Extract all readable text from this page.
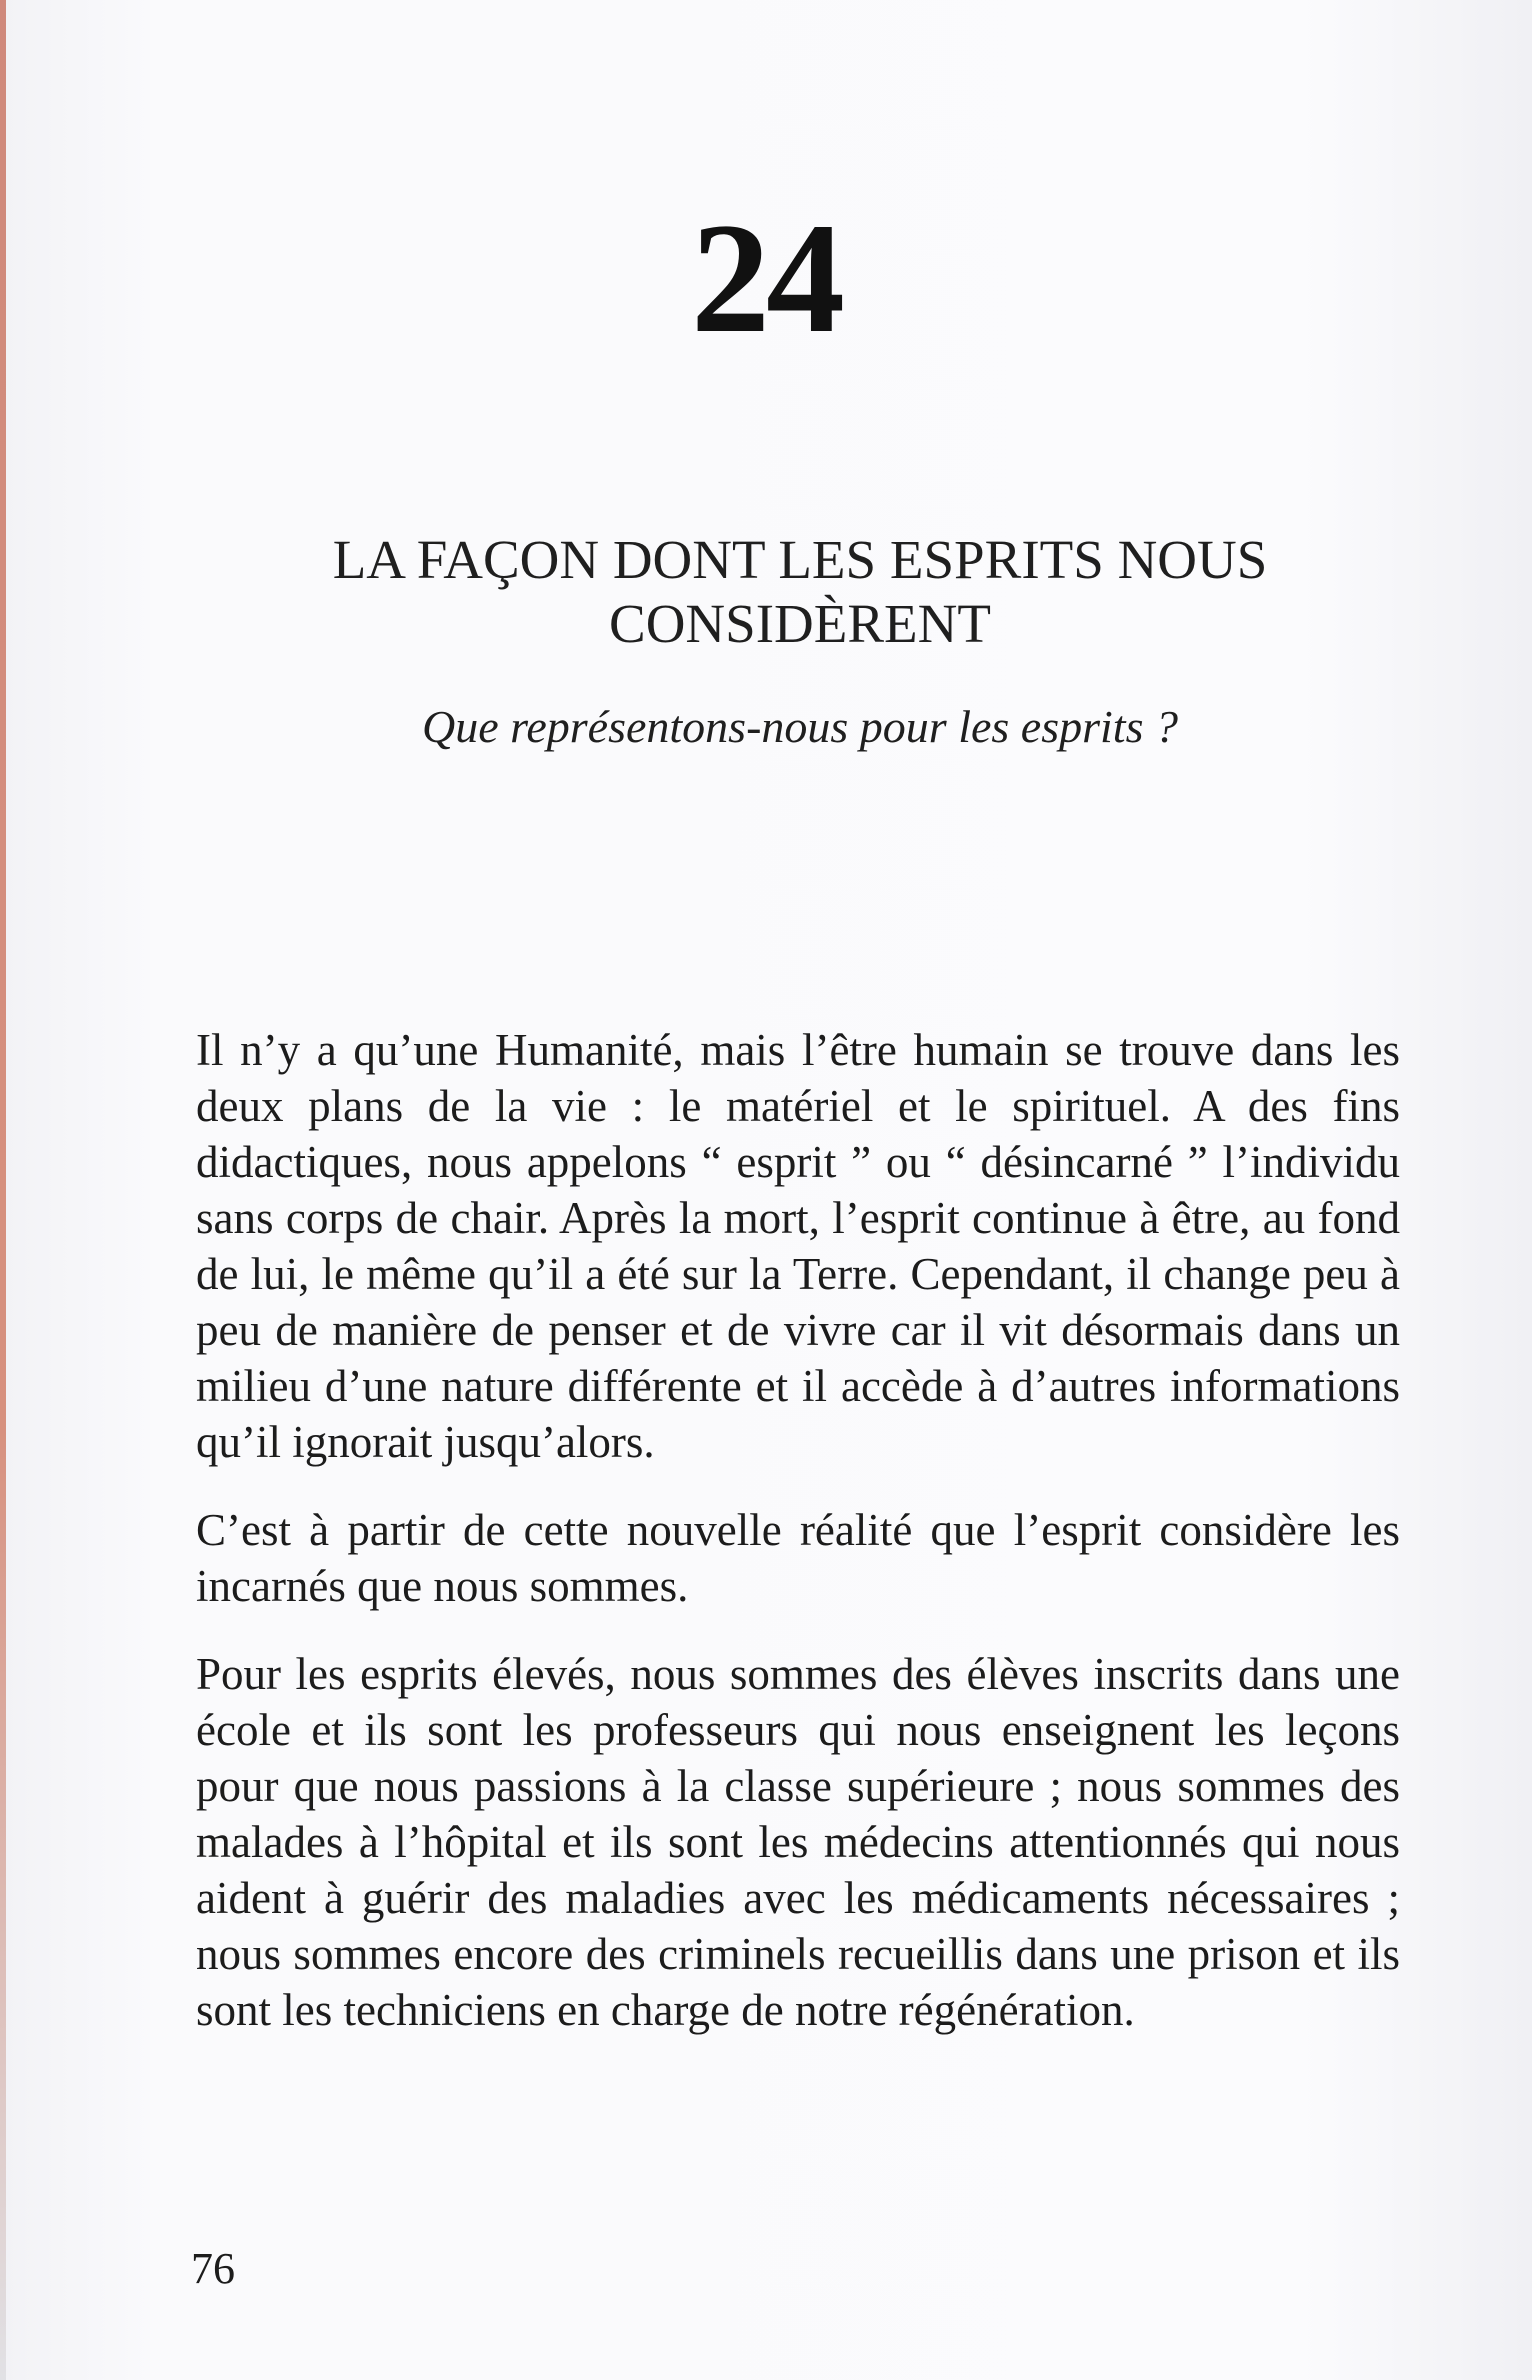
24
LA FAÇON DONT LES ESPRITS NOUS
CONSIDÈRENT
Que représentons-nous pour les esprits ?

Il n’y a qu’une Humanité, mais l’être humain se trouve dans les deux plans de la vie : le matériel et le spirituel. A des fins didactiques, nous appelons “ esprit ” ou “ désincarné ” l’individu sans corps de chair. Après la mort, l’esprit continue à être, au fond de lui, le même qu’il a été sur la Terre. Cependant, il change peu à peu de manière de penser et de vivre car il vit désormais dans un milieu d’une nature différente et il accède à d’autres informations qu’il ignorait jusqu’alors.

C’est à partir de cette nouvelle réalité que l’esprit considère les incarnés que nous sommes.

Pour les esprits élevés, nous sommes des élèves inscrits dans une école et ils sont les professeurs qui nous enseignent les leçons pour que nous passions à la classe supérieure ; nous sommes des malades à l’hôpital et ils sont les médecins attentionnés qui nous aident à guérir des maladies avec les médicaments nécessaires ; nous sommes encore des criminels recueillis dans une prison et ils sont les techniciens en charge de notre régénération.

76
